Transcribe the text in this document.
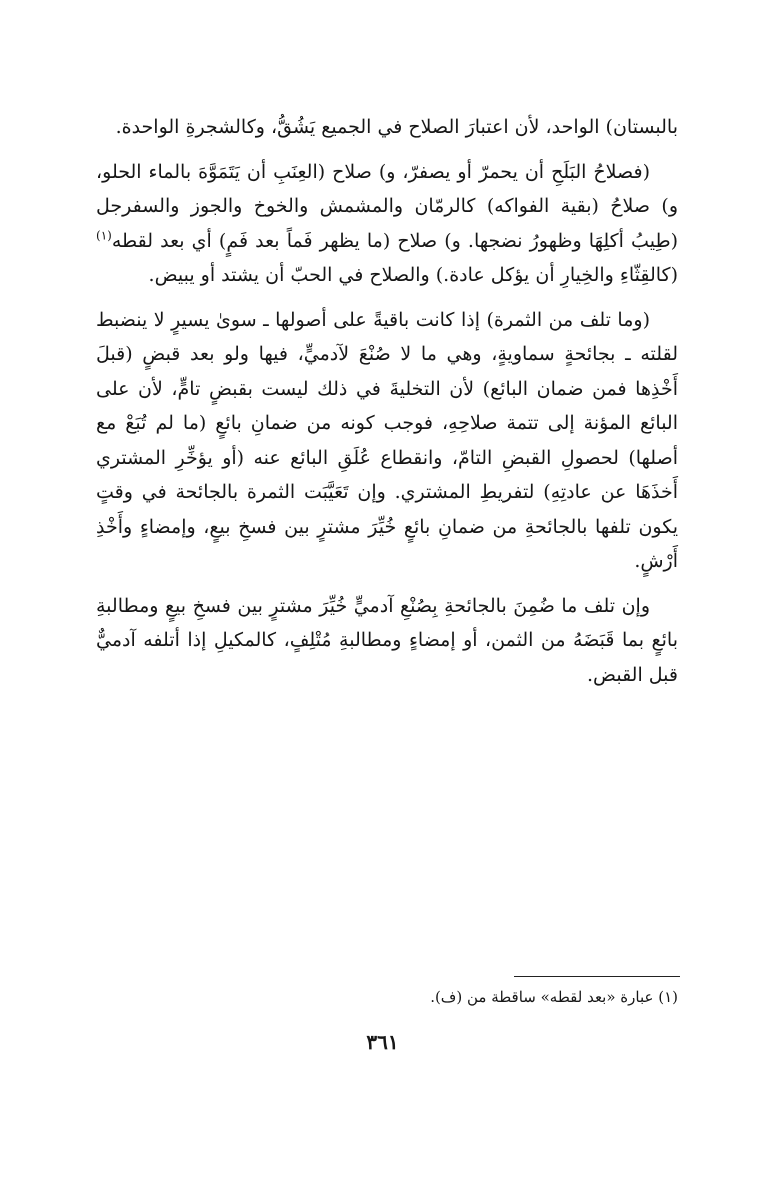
بالبستان) الواحد، لأن اعتبارَ الصلاح في الجميع يَشُقُّ، وكالشجرةِ الواحدة.

(فصلاحُ البَلَحِ أن يحمرّ أو يصفرّ، و) صلاح (العِنَبِ أن يَتَمَوَّهَ بالماء الحلو، و) صلاحُ (بقية الفواكه) كالرمّان والمشمش والخوخ والجوز والسفرجل (طِيبُ أكلِهَا وظهورُ نضجها. و) صلاح (ما يظهر فَماً بعد فَمٍ) أي بعد لقطه$^{(١)}$ (كالقِثّاءِ والخِيارِ أن يؤكل عادة.) والصلاح في الحبّ أن يشتد أو يبيض.

(وما تلف من الثمرة) إذا كانت باقيةً على أصولها ـ سوىٰ يسيرٍ لا ينضبط لقلته ـ بجائحةٍ سماويةٍ، وهي ما لا صُنْعَ لآدميٍّ، فيها ولو بعد قبضٍ (قبلَ أَخْذِها فمن ضمان البائع) لأن التخليةَ في ذلك ليست بقبضٍ تامٍّ، لأن على البائع المؤنة إلى تتمة صلاحِهِ، فوجب كونه من ضمانِ بائعٍ (ما لم تُبَعْ مع أصلها) لحصولِ القبضِ التامّ، وانقطاع عُلَقِ البائع عنه (أو يؤخِّرِ المشتري أَخذَهَا عن عادتِهِ) لتفريطِ المشتري. وإن تَعَيَّبَت الثمرة بالجائحة في وقتٍ يكون تلفها بالجائحةِ من ضمانِ بائعٍ خُيِّرَ مشترٍ بين فسخِ بيعٍ، وإمضاءٍ وأَخْذِ أَرْشٍ.

وإن تلف ما ضُمِنَ بالجائحةِ بِصُنْعِ آدميٍّ خُيِّرَ مشترٍ بين فسخِ بيعٍ ومطالبةِ بائعٍ بما قَبَضَهُ من الثمن، أو إمضاءٍ ومطالبةِ مُتْلِفٍ، كالمكيلِ إذا أتلفه آدميٌّ قبل القبض.

(١) عبارة «بعد لقطه» ساقطة من (ف).
٣٦١
